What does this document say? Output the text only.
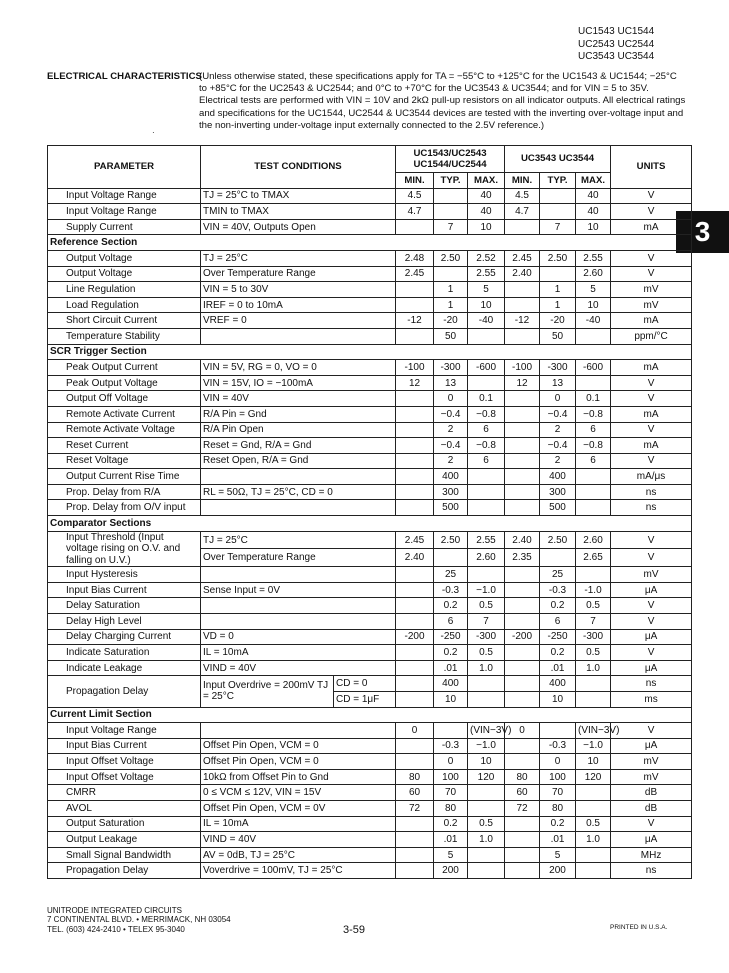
UC1543 UC1544
UC2543 UC2544
UC3543 UC3544
ELECTRICAL CHARACTERISTICS
(Unless otherwise stated, these specifications apply for TA = −55°C to +125°C for the UC1543 & UC1544; −25°C to +85°C for the UC2543 & UC2544; and 0°C to +70°C for the UC3543 & UC3544; and for VIN = 5 to 35V. Electrical tests are performed with VIN = 10V and 2kΩ pull-up resistors on all indicator outputs. All electrical ratings and specifications for the UC1544, UC2544 & UC3544 devices are tested with the inverting over-voltage input and the non-inverting under-voltage input externally connected to the 2.5V reference.)
·
3
PARAMETER	TEST CONDITIONS		UC1543/UC2543 UC1544/UC2544			UC3543 UC3544			UNITS
			MIN.	TYP.	MAX.	MIN.	TYP.	MAX.	
Input Voltage Range	TJ = 25°C to TMAX		4.5		40	4.5		40	V
Input Voltage Range	TMIN to TMAX		4.7		40	4.7		40	V
Supply Current	VIN = 40V, Outputs Open			7	10		7	10	mA
Reference Section									
Output Voltage	TJ = 25°C		2.48	2.50	2.52	2.45	2.50	2.55	V
Output Voltage	Over Temperature Range		2.45		2.55	2.40		2.60	V
Line Regulation	VIN = 5 to 30V			1	5		1	5	mV
Load Regulation	IREF = 0 to 10mA			1	10		1	10	mV
Short Circuit Current	VREF = 0		-12	-20	-40	-12	-20	-40	mA
Temperature Stability				50			50		ppm/°C
SCR Trigger Section									
Peak Output Current	VIN = 5V, RG = 0, VO = 0		-100	-300	-600	-100	-300	-600	mA
Peak Output Voltage	VIN = 15V, IO = −100mA		12	13		12	13		V
Output Off Voltage	VIN = 40V			0	0.1		0	0.1	V
Remote Activate Current	R/A Pin = Gnd			−0.4	−0.8		−0.4	−0.8	mA
Remote Activate Voltage	R/A Pin Open			2	6		2	6	V
Reset Current	Reset = Gnd, R/A = Gnd			−0.4	−0.8		−0.4	−0.8	mA
Reset Voltage	Reset Open, R/A = Gnd			2	6		2	6	V
Output Current Rise Time				400			400		mA/μs
Prop. Delay from R/A	RL = 50Ω, TJ = 25°C, CD = 0			300			300		ns
Prop. Delay from O/V input				500			500		ns
Comparator Sections									
Input Threshold (Input voltage rising on O.V. and falling on U.V.)	TJ = 25°C		2.45	2.50	2.55	2.40	2.50	2.60	V
	Over Temperature Range		2.40		2.60	2.35		2.65	V
Input Hysteresis				25			25		mV
Input Bias Current	Sense Input = 0V			-0.3	−1.0		-0.3	-1.0	μA
Delay Saturation				0.2	0.5		0.2	0.5	V
Delay High Level				6	7		6	7	V
Delay Charging Current	VD = 0		-200	-250	-300	-200	-250	-300	μA
Indicate Saturation	IL = 10mA			0.2	0.5		0.2	0.5	V
Indicate Leakage	VIND = 40V			.01	1.0		.01	1.0	μA
Propagation Delay	Input Overdrive = 200mV TJ = 25°C	CD = 0		400			400		ns
		CD = 1μF		10			10		ms
Current Limit Section									
Input Voltage Range			0		(VIN−3V)	0		(VIN−3V)	V
Input Bias Current	Offset Pin Open, VCM = 0			-0.3	−1.0		-0.3	−1.0	μA
Input Offset Voltage	Offset Pin Open, VCM = 0			0	10		0	10	mV
Input Offset Voltage	10kΩ from Offset Pin to Gnd		80	100	120	80	100	120	mV
CMRR	0 ≤ VCM ≤ 12V, VIN = 15V		60	70		60	70		dB
AVOL	Offset Pin Open, VCM = 0V		72	80		72	80		dB
Output Saturation	IL = 10mA			0.2	0.5		0.2	0.5	V
Output Leakage	VIND = 40V			.01	1.0		.01	1.0	μA
Small Signal Bandwidth	AV = 0dB, TJ = 25°C			5			5		MHz
Propagation Delay	Voverdrive = 100mV, TJ = 25°C			200			200		ns
UNITRODE INTEGRATED CIRCUITS
7 CONTINENTAL BLVD. • MERRIMACK, NH 03054
TEL. (603) 424-2410 • TELEX 95-3040	3-59	PRINTED IN U.S.A.
